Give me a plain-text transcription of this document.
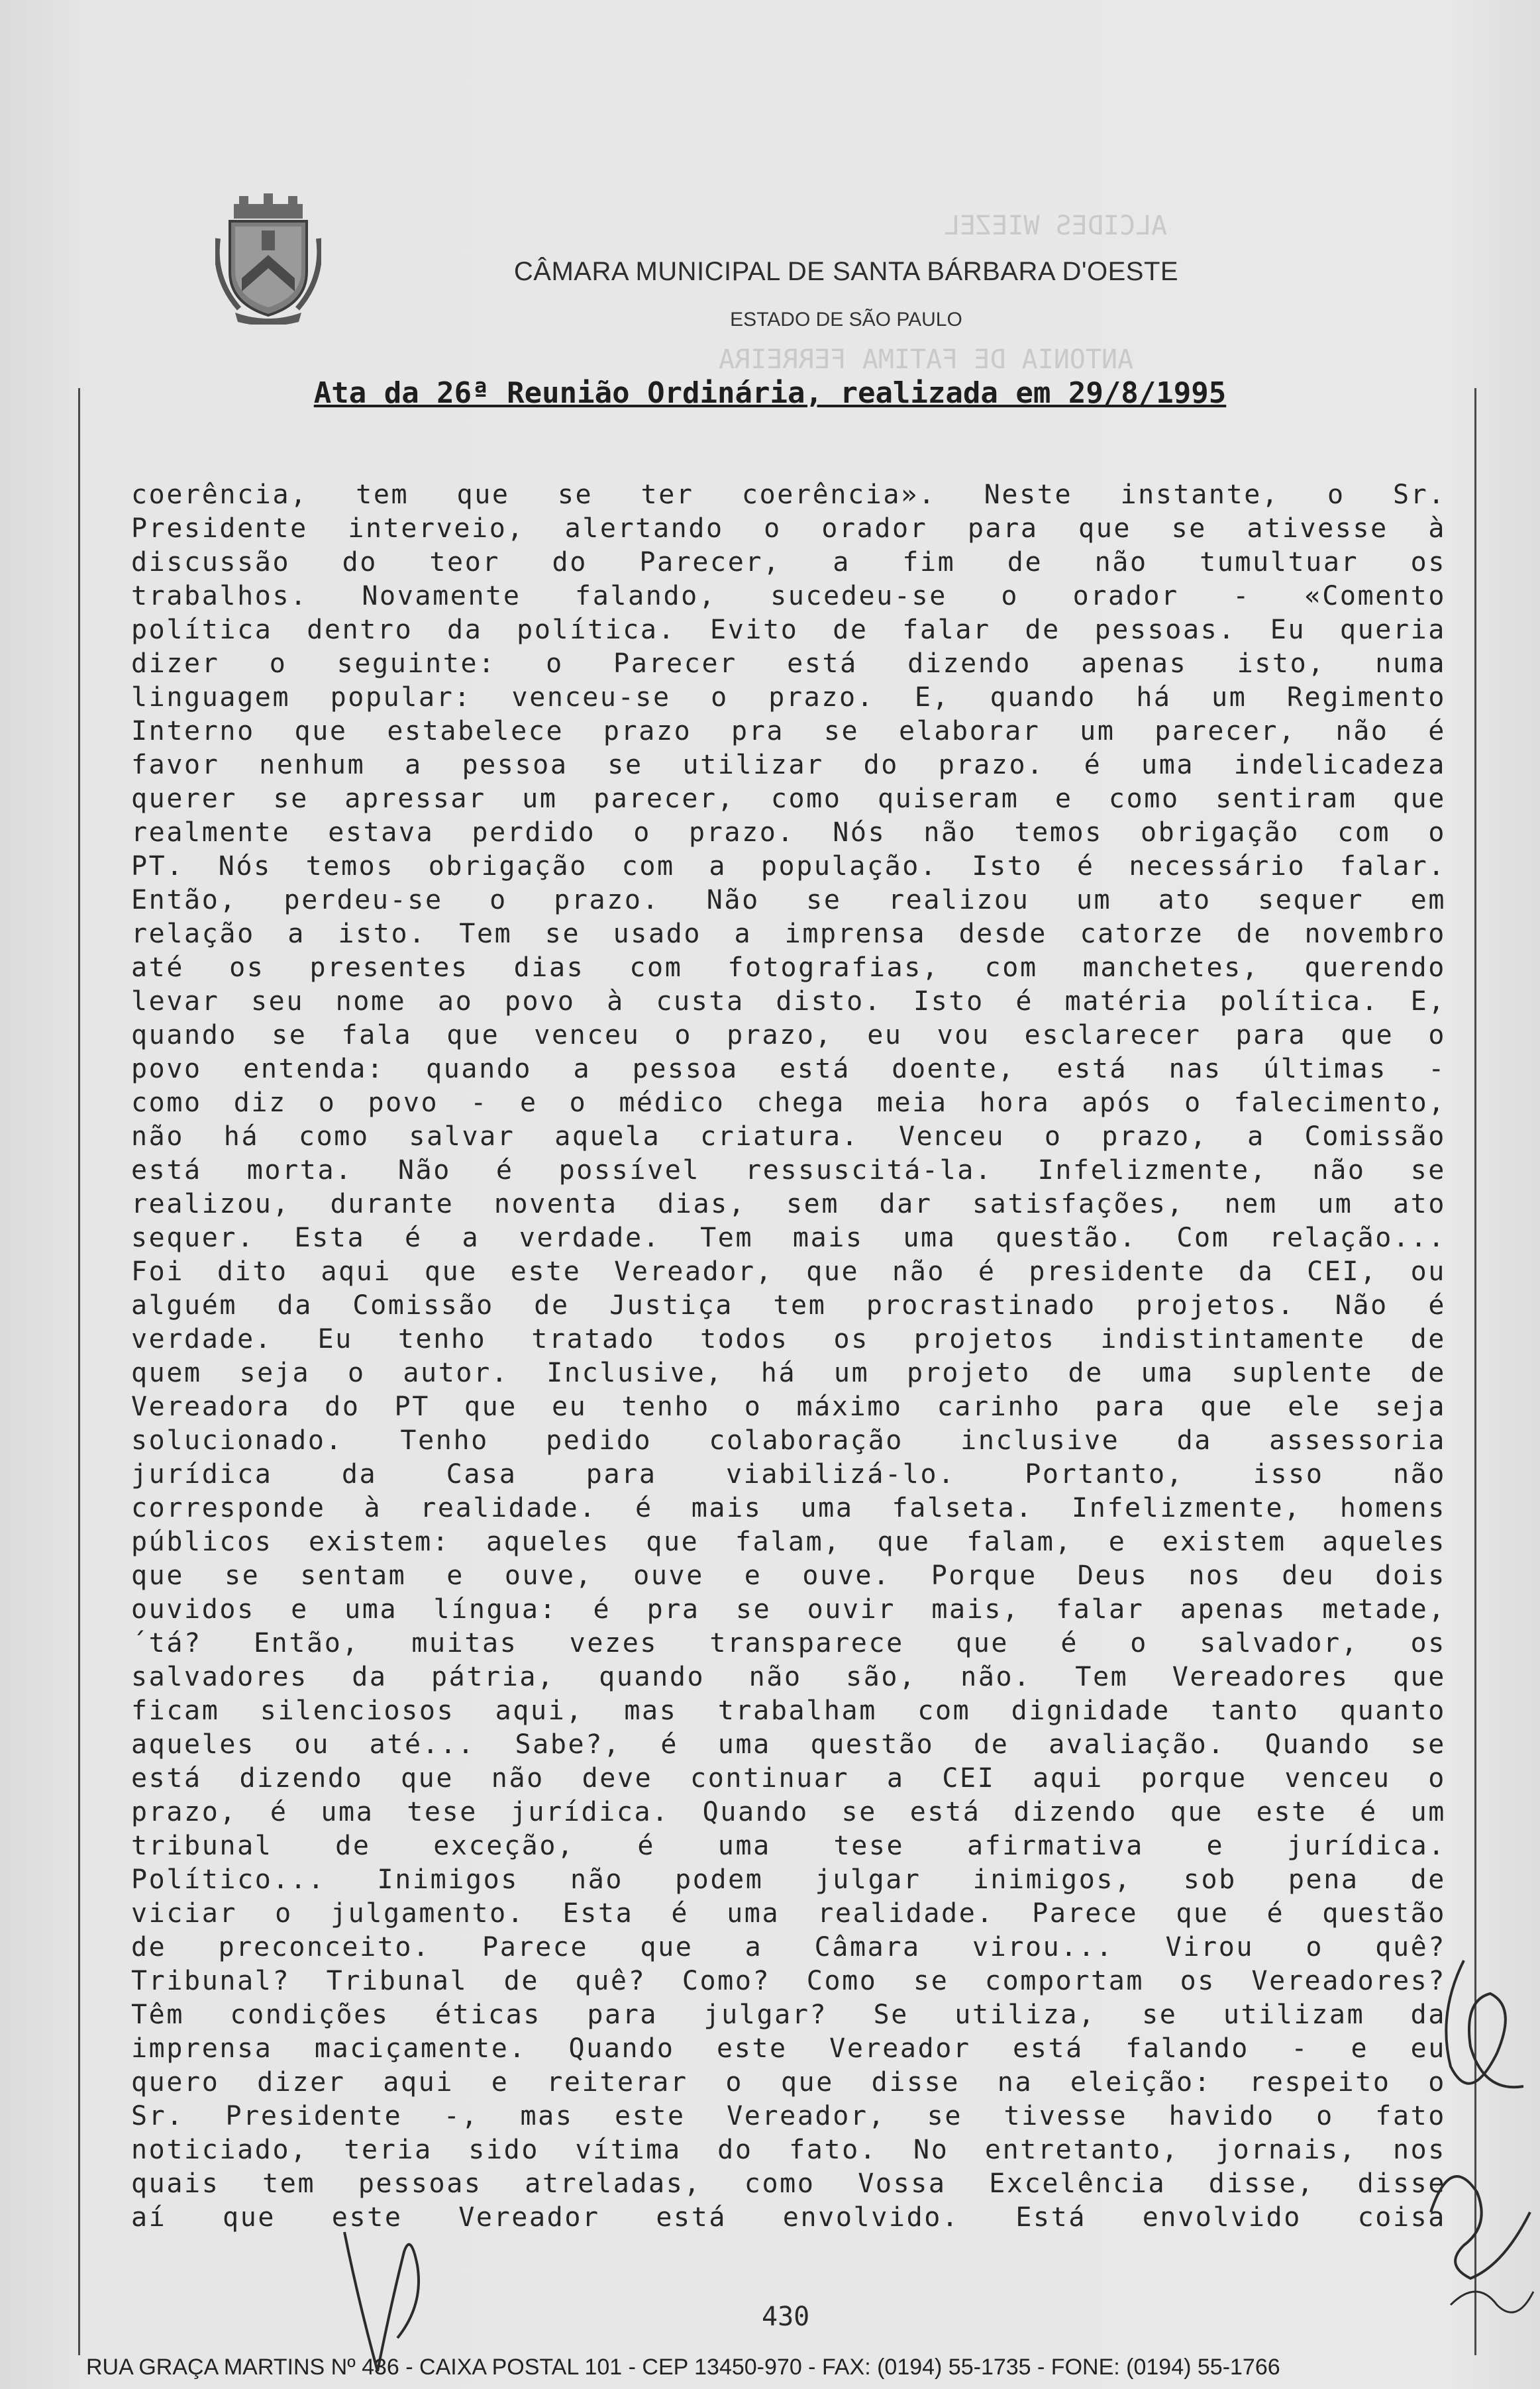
ALCIDES WIEZEL
ANTONIA DE FATIMA FERREIRA
CÂMARA MUNICIPAL DE SANTA BÁRBARA D'OESTE
ESTADO DE SÃO PAULO
Ata da 26ª Reunião Ordinária, realizada em 29/8/1995
coerência, tem que se ter coerência». Neste instante, o Sr.
Presidente interveio, alertando o orador para que se ativesse à
discussão do teor do Parecer, a fim de não tumultuar os
trabalhos. Novamente falando, sucedeu-se o orador - «Comento
política dentro da política. Evito de falar de pessoas. Eu queria
dizer o seguinte: o Parecer está dizendo apenas isto, numa
linguagem popular: venceu-se o prazo. E, quando há um Regimento
Interno que estabelece prazo pra se elaborar um parecer, não é
favor nenhum a pessoa se utilizar do prazo. é uma indelicadeza
querer se apressar um parecer, como quiseram e como sentiram que
realmente estava perdido o prazo. Nós não temos obrigação com o
PT. Nós temos obrigação com a população. Isto é necessário falar.
Então, perdeu-se o prazo. Não se realizou um ato sequer em
relação a isto. Tem se usado a imprensa desde catorze de novembro
até os presentes dias com fotografias, com manchetes, querendo
levar seu nome ao povo à custa disto. Isto é matéria política. E,
quando se fala que venceu o prazo, eu vou esclarecer para que o
povo entenda: quando a pessoa está doente, está nas últimas -
como diz o povo - e o médico chega meia hora após o falecimento,
não há como salvar aquela criatura. Venceu o prazo, a Comissão
está morta. Não é possível ressuscitá-la. Infelizmente, não se
realizou, durante noventa dias, sem dar satisfações, nem um ato
sequer. Esta é a verdade. Tem mais uma questão. Com relação...
Foi dito aqui que este Vereador, que não é presidente da CEI, ou
alguém da Comissão de Justiça tem procrastinado projetos. Não é
verdade. Eu tenho tratado todos os projetos indistintamente de
quem seja o autor. Inclusive, há um projeto de uma suplente de
Vereadora do PT que eu tenho o máximo carinho para que ele seja
solucionado. Tenho pedido colaboração inclusive da assessoria
jurídica da Casa para viabilizá-lo. Portanto, isso não
corresponde à realidade. é mais uma falseta. Infelizmente, homens
públicos existem: aqueles que falam, que falam, e existem aqueles
que se sentam e ouve, ouve e ouve. Porque Deus nos deu dois
ouvidos e uma língua: é pra se ouvir mais, falar apenas metade,
´tá? Então, muitas vezes transparece que é o salvador, os
salvadores da pátria, quando não são, não. Tem Vereadores que
ficam silenciosos aqui, mas trabalham com dignidade tanto quanto
aqueles ou até... Sabe?, é uma questão de avaliação. Quando se
está dizendo que não deve continuar a CEI aqui porque venceu o
prazo, é uma tese jurídica. Quando se está dizendo que este é um
tribunal de exceção, é uma tese afirmativa e jurídica.
Político... Inimigos não podem julgar inimigos, sob pena de
viciar o julgamento. Esta é uma realidade. Parece que é questão
de preconceito. Parece que a Câmara virou... Virou o quê?
Tribunal? Tribunal de quê? Como? Como se comportam os Vereadores?
Têm condições éticas para julgar? Se utiliza, se utilizam da
imprensa maciçamente. Quando este Vereador está falando - e eu
quero dizer aqui e reiterar o que disse na eleição: respeito o
Sr. Presidente -, mas este Vereador, se tivesse havido o fato
noticiado, teria sido vítima do fato. No entretanto, jornais, nos
quais tem pessoas atreladas, como Vossa Excelência disse, disse
aí que este Vereador está envolvido. Está envolvido coisa
430
RUA GRAÇA MARTINS Nº 436 - CAIXA POSTAL 101 - CEP 13450-970 - FAX: (0194) 55-1735 - FONE: (0194) 55-1766
